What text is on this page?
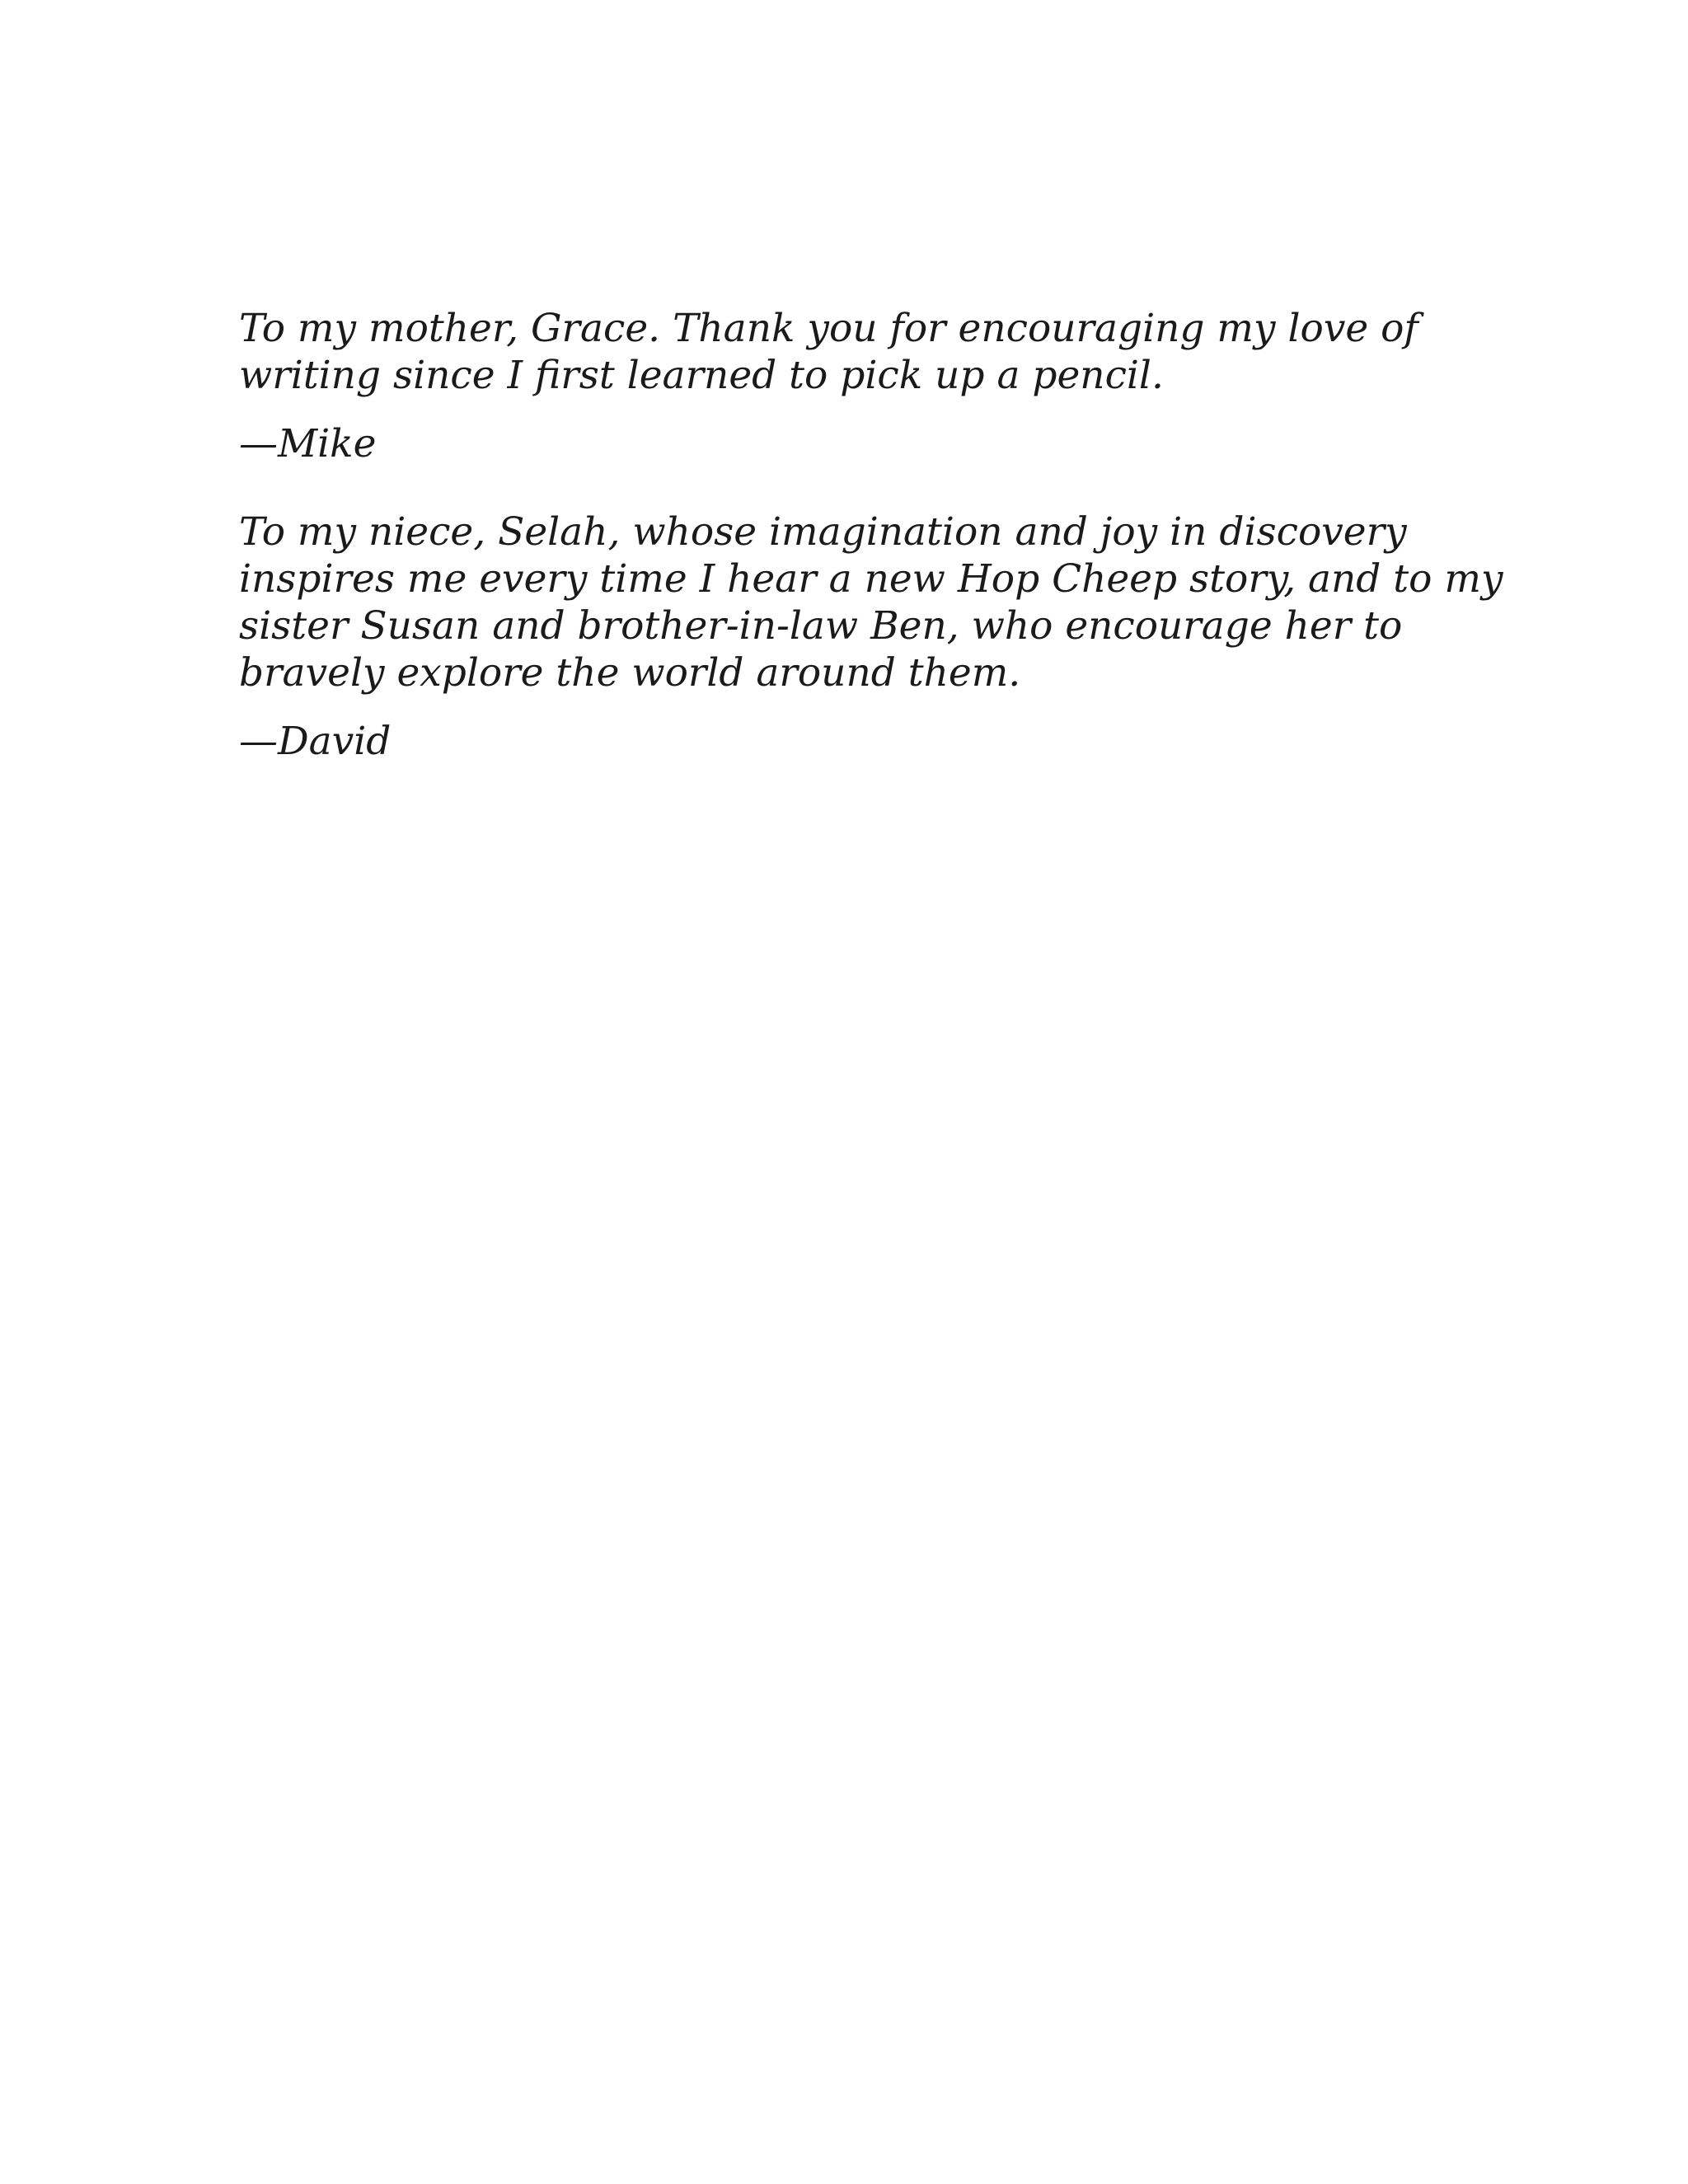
To my mother, Grace. Thank you for encouraging my love of
writing since I first learned to pick up a pencil.

—Mike

To my niece, Selah, whose imagination and joy in discovery
inspires me every time I hear a new Hop Cheep story, and to my
sister Susan and brother-in-law Ben, who encourage her to
bravely explore the world around them.

—David
